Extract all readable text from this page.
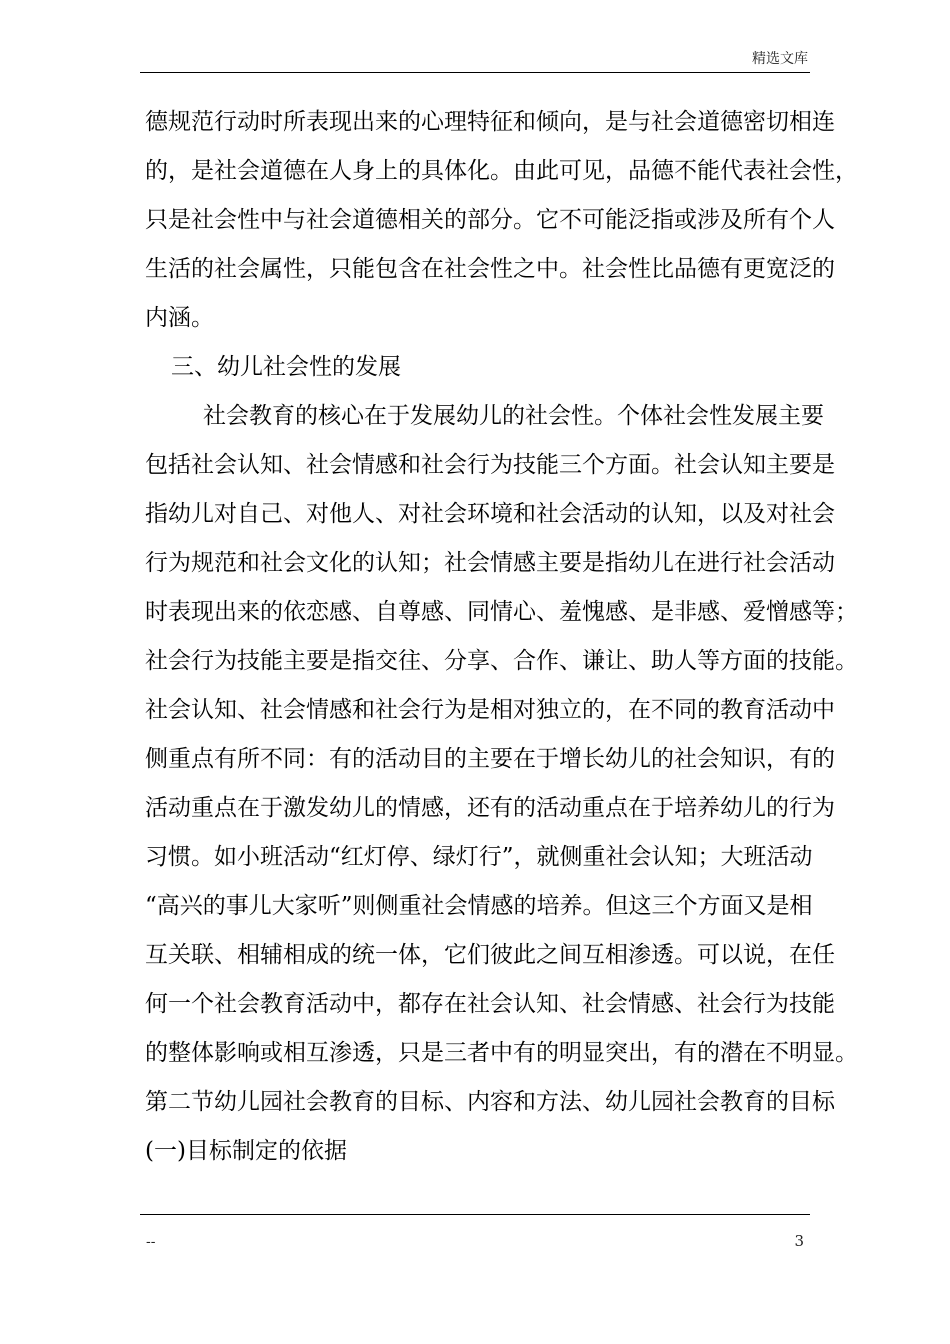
精选文库
德规范行动时所表现出来的心理特征和倾向，是与社会道德密切相连
的，是社会道德在人身上的具体化。由此可见，品德不能代表社会性，
只是社会性中与社会道德相关的部分。它不可能泛指或涉及所有个人
生活的社会属性，只能包含在社会性之中。社会性比品德有更宽泛的
内涵。
三、幼儿社会性的发展
社会教育的核心在于发展幼儿的社会性。个体社会性发展主要
包括社会认知、社会情感和社会行为技能三个方面。社会认知主要是
指幼儿对自己、对他人、对社会环境和社会活动的认知，以及对社会
行为规范和社会文化的认知；社会情感主要是指幼儿在进行社会活动
时表现出来的依恋感、自尊感、同情心、羞愧感、是非感、爱憎感等；
社会行为技能主要是指交往、分享、合作、谦让、助人等方面的技能。
社会认知、社会情感和社会行为是相对独立的，在不同的教育活动中
侧重点有所不同：有的活动目的主要在于增长幼儿的社会知识，有的
活动重点在于激发幼儿的情感，还有的活动重点在于培养幼儿的行为
习惯。如小班活动“红灯停、绿灯行”，就侧重社会认知；大班活动
“高兴的事儿大家听”则侧重社会情感的培养。但这三个方面又是相
互关联、相辅相成的统一体，它们彼此之间互相渗透。可以说，在任
何一个社会教育活动中，都存在社会认知、社会情感、社会行为技能
的整体影响或相互渗透，只是三者中有的明显突出，有的潜在不明显。
第二节幼儿园社会教育的目标、内容和方法、幼儿园社会教育的目标
(一)目标制定的依据
--	3
